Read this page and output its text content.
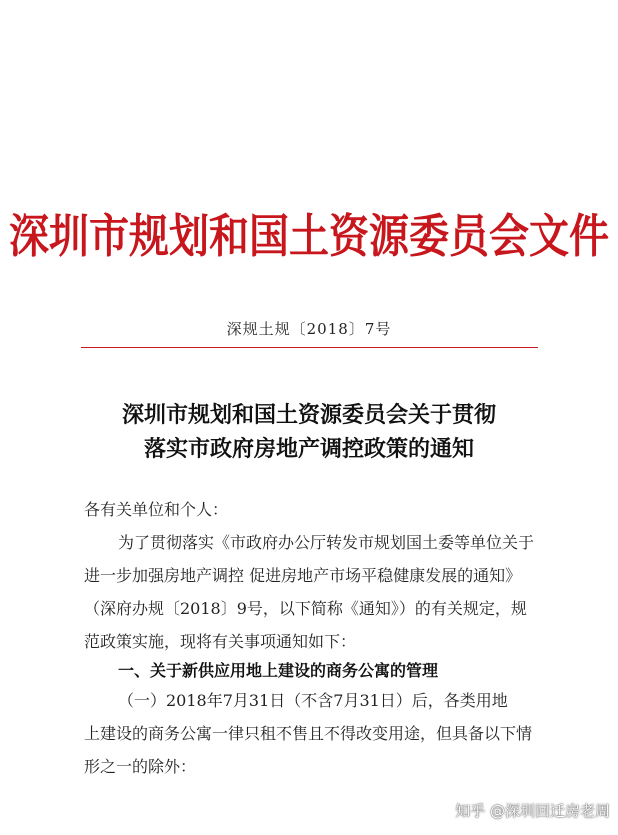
深圳市规划和国土资源委员会文件
深规土规〔2018〕7号
深圳市规划和国土资源委员会关于贯彻
落实市政府房地产调控政策的通知
各有关单位和个人：
为了贯彻落实《市政府办公厅转发市规划国土委等单位关于
进一步加强房地产调控 促进房地产市场平稳健康发展的通知》
（深府办规〔2018〕9号，以下简称《通知》）的有关规定，规
范政策实施，现将有关事项通知如下：
一、关于新供应用地上建设的商务公寓的管理
（一）2018年7月31日（不含7月31日）后，各类用地
上建设的商务公寓一律只租不售且不得改变用途，但具备以下情
形之一的除外：
知乎 @深圳回迁房老周
